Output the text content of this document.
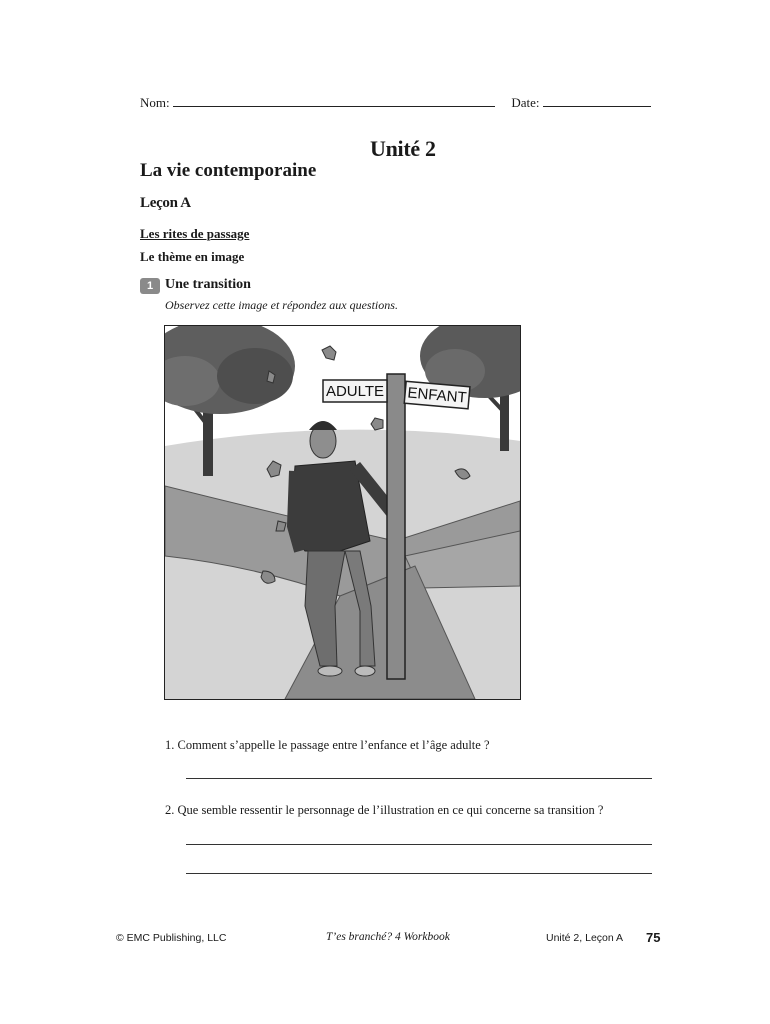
Nom:	Date:
Unité 2
La vie contemporaine
Leçon A
Les rites de passage
Le thème en image
1 Une transition
Observez cette image et répondez aux questions.
ADULTE ENFANT
1. Comment s’appelle le passage entre l’enfance et l’âge adulte ?
2. Que semble ressentir le personnage de l’illustration en ce qui concerne sa transition ?
© EMC Publishing, LLC	T’es branché? 4 Workbook	Unité 2, Leçon A 75
